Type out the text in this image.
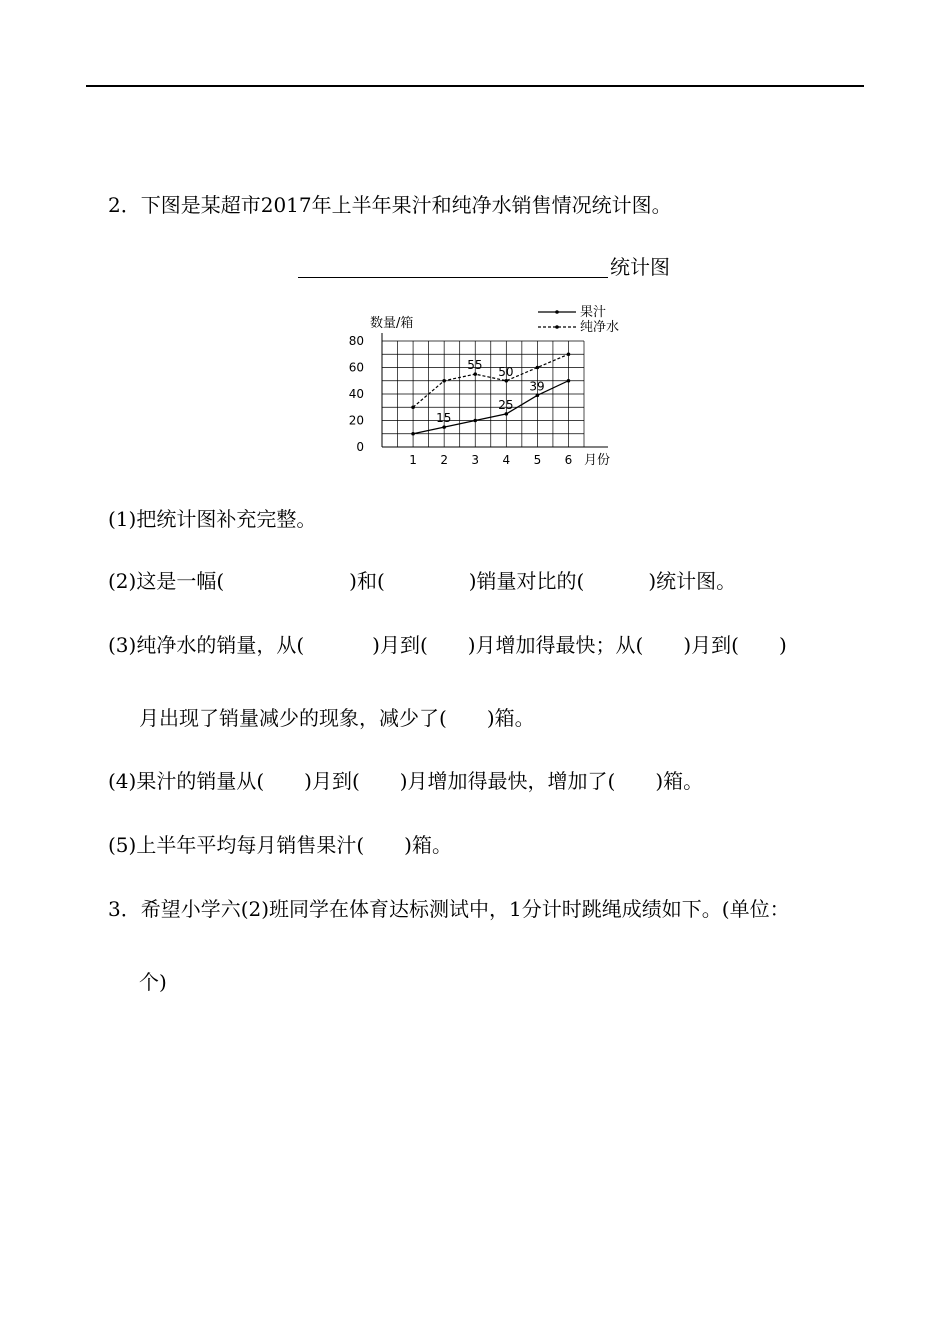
2．下图是某超市2017年上半年果汁和纯净水销售情况统计图。
统计图
0
20
40
60
80
1 2 3 4 5 6
15
25
39
55 50
数量/箱
月份
果汁
纯净水
(1)把统计图补充完整。
(2)这是一幅(	)和(	)销量对比的(	)统计图。
(3)纯净水的销量，从(	)月到( )月增加得最快；从( )月到( )
月出现了销量减少的现象，减少了( )箱。
(4)果汁的销量从( )月到( )月增加得最快，增加了( )箱。
(5)上半年平均每月销售果汁( )箱。
3．希望小学六(2)班同学在体育达标测试中，1分计时跳绳成绩如下。(单位：
个)
